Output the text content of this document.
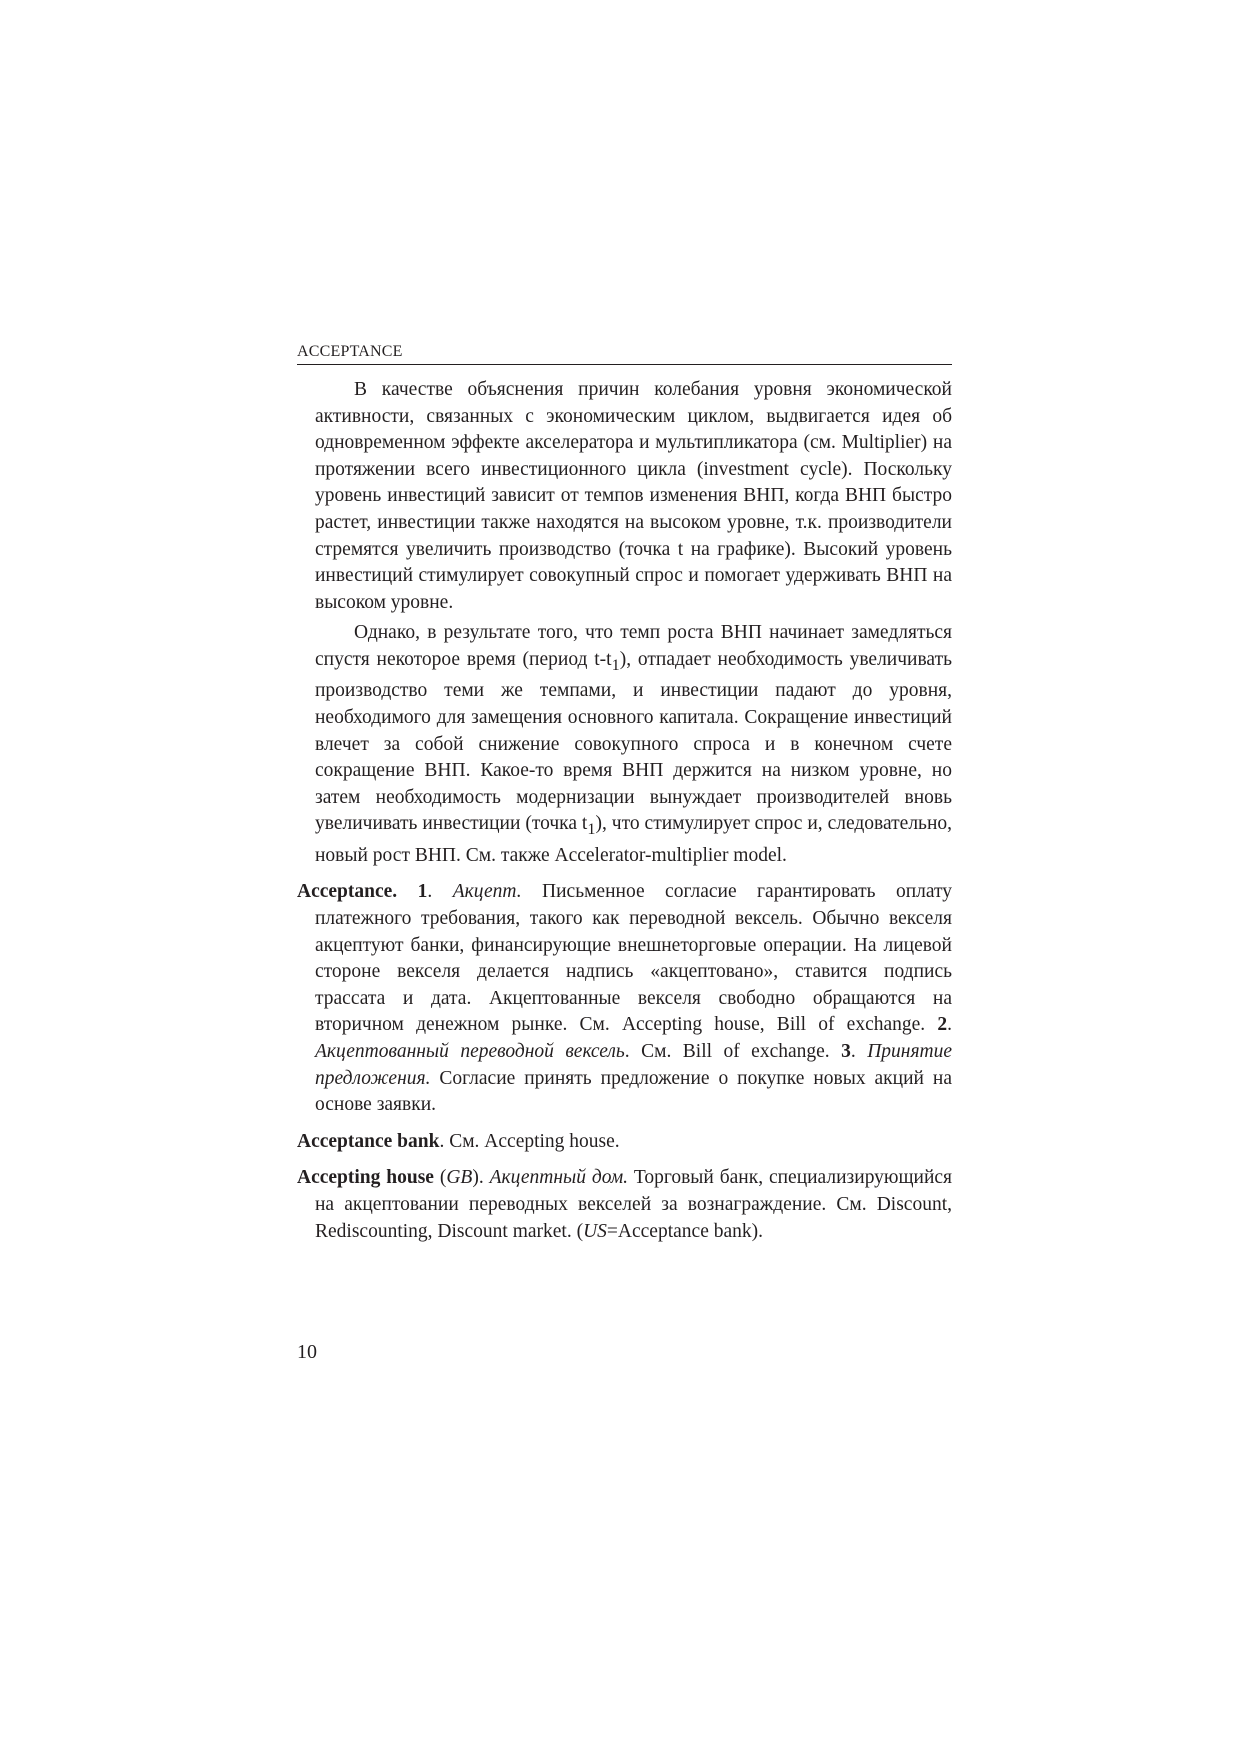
ACCEPTANCE

В качестве объяснения причин колебания уровня экономической активности, связанных с экономическим циклом, выдвигается идея об одновременном эффекте акселератора и мультипликатора (см. Multiplier) на протяжении всего инвестиционного цикла (investment cycle). Поскольку уровень инвестиций зависит от темпов изменения ВНП, когда ВНП быстро растет, инвестиции также находятся на высоком уровне, т.к. производители стремятся увеличить производство (точка t на графике). Высокий уровень инвестиций стимулирует совокупный спрос и помогает удерживать ВНП на высоком уровне.

Однако, в результате того, что темп роста ВНП начинает замедляться спустя некоторое время (период $t-t_1$), отпадает необходимость увеличивать производство теми же темпами, и инвестиции падают до уровня, необходимого для замещения основного капитала. Сокращение инвестиций влечет за собой снижение совокупного спроса и в конечном счете сокращение ВНП. Какое-то время ВНП держится на низком уровне, но затем необходимость модернизации вынуждает производителей вновь увеличивать инвестиции (точка $t_1$), что стимулирует спрос и, следовательно, новый рост ВНП. См. также Accelerator-multiplier model.

Acceptance. 1. Акцепт. Письменное согласие гарантировать оплату платежного требования, такого как переводной вексель. Обычно векселя акцептуют банки, финансирующие внешнеторговые операции. На лицевой стороне векселя делается надпись «акцептовано», ставится подпись трассата и дата. Акцептованные векселя свободно обращаются на вторичном денежном рынке. См. Accepting house, Bill of exchange. 2. Акцептованный переводной вексель. См. Bill of exchange. 3. Принятие предложения. Согласие принять предложение о покупке новых акций на основе заявки.
Acceptance bank. См. Accepting house.
Accepting house (GB). Акцептный дом. Торговый банк, специализирующийся на акцептовании переводных векселей за вознаграждение. См. Discount, Rediscounting, Discount market. (US=Acceptance bank).
10
